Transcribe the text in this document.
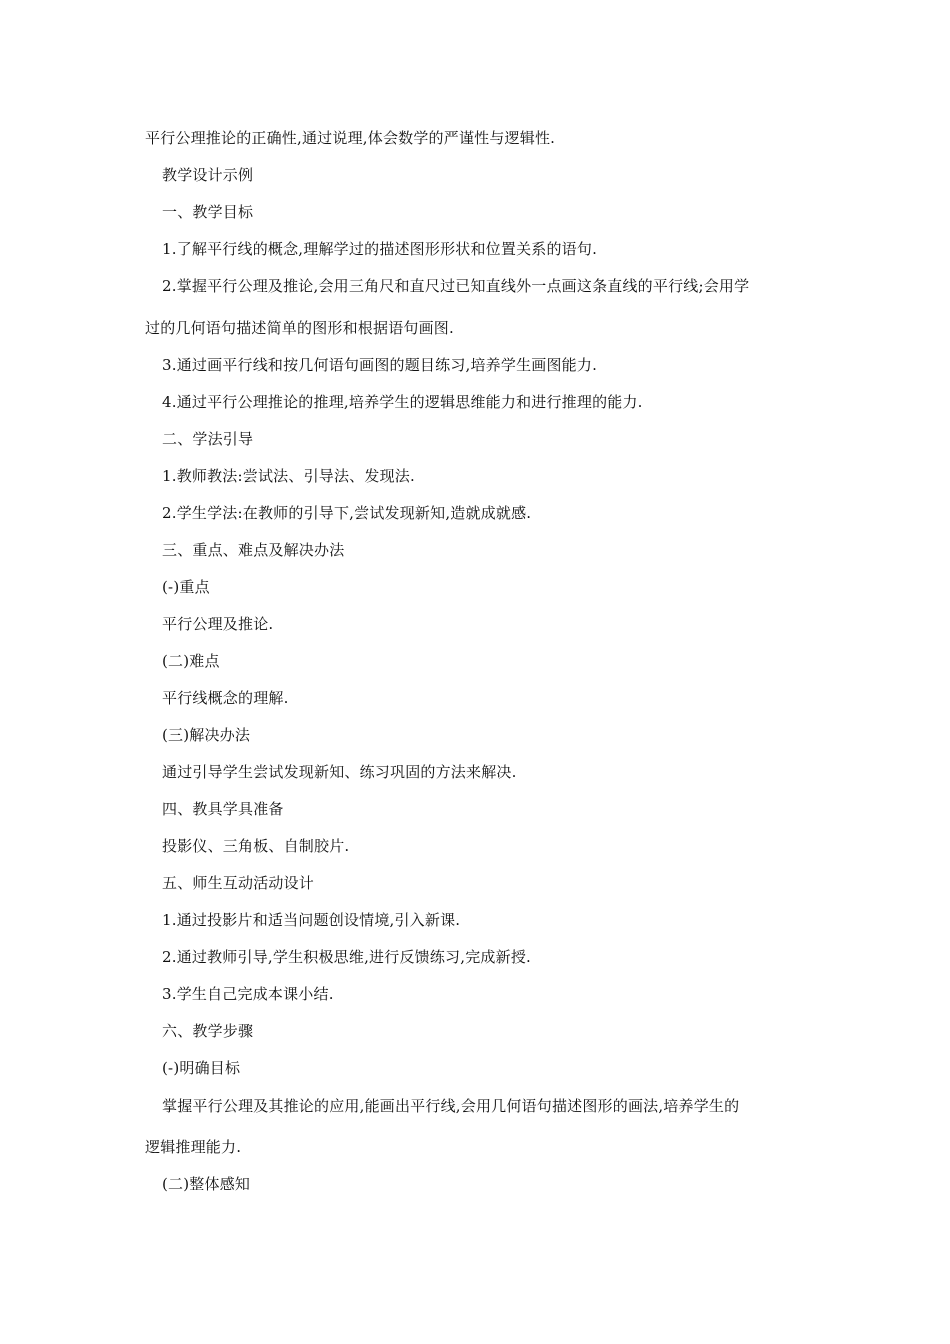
平行公理推论的正确性,通过说理,体会数学的严谨性与逻辑性.
教学设计示例
一、教学目标
1.了解平行线的概念,理解学过的描述图形形状和位置关系的语句.
2.掌握平行公理及推论,会用三角尺和直尺过已知直线外一点画这条直线的平行线;会用学
过的几何语句描述简单的图形和根据语句画图.
3.通过画平行线和按几何语句画图的题目练习,培养学生画图能力.
4.通过平行公理推论的推理,培养学生的逻辑思维能力和进行推理的能力.
二、学法引导
1.教师教法:尝试法、引导法、发现法.
2.学生学法:在教师的引导下,尝试发现新知,造就成就感.
三、重点、难点及解决办法
(-)重点
平行公理及推论.
(二)难点
平行线概念的理解.
(三)解决办法
通过引导学生尝试发现新知、练习巩固的方法来解决.
四、教具学具准备
投影仪、三角板、自制胶片.
五、师生互动活动设计
1.通过投影片和适当问题创设情境,引入新课.
2.通过教师引导,学生积极思维,进行反馈练习,完成新授.
3.学生自己完成本课小结.
六、教学步骤
(-)明确目标
掌握平行公理及其推论的应用,能画出平行线,会用几何语句描述图形的画法,培养学生的
逻辑推理能力.
(二)整体感知
